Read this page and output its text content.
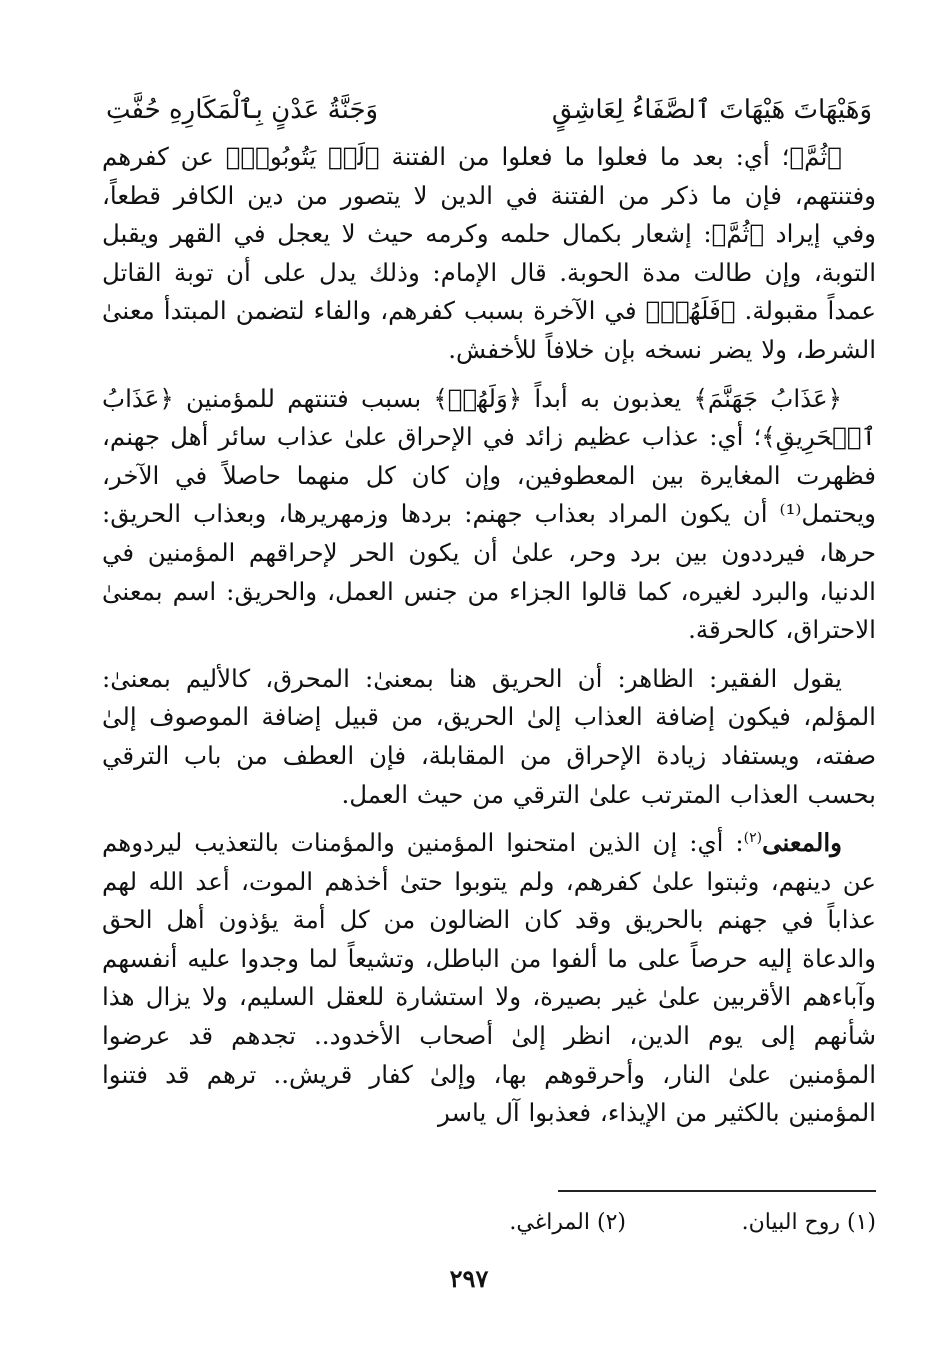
وَهَيْهَاتَ هَيْهَاتَ ٱلصَّفَاءُ لِعَاشِقٍ
وَجَنَّةُ عَدْنٍ بِٱلْمَكَارِهِ حُفَّتِ

﴿ثُمَّ﴾؛ أي: بعد ما فعلوا ما فعلوا من الفتنة ﴿لَمۡ يَتُوبُوا۟﴾ عن كفرهم وفتنتهم، فإن ما ذكر من الفتنة في الدين لا يتصور من دين الكافر قطعاً، وفي إيراد ﴿ثُمَّ﴾: إشعار بكمال حلمه وكرمه حيث لا يعجل في القهر ويقبل التوبة، وإن طالت مدة الحوبة. قال الإمام: وذلك يدل على أن توبة القاتل عمداً مقبولة. ﴿فَلَهُمۡ﴾ في الآخرة بسبب كفرهم، والفاء لتضمن المبتدأ معنىٰ الشرط، ولا يضر نسخه بإن خلافاً للأخفش.

﴿عَذَابُ جَهَنَّمَ﴾ يعذبون به أبداً ﴿وَلَهُمۡ﴾ بسبب فتنتهم للمؤمنين ﴿عَذَابُ ٱلۡحَرِيقِ﴾؛ أي: عذاب عظيم زائد في الإحراق علىٰ عذاب سائر أهل جهنم، فظهرت المغايرة بين المعطوفين، وإن كان كل منهما حاصلاً في الآخر، ويحتمل⁽¹⁾ أن يكون المراد بعذاب جهنم: بردها وزمهريرها، وبعذاب الحريق: حرها، فيرددون بين برد وحر، علىٰ أن يكون الحر لإحراقهم المؤمنين في الدنيا، والبرد لغيره، كما قالوا الجزاء من جنس العمل، والحريق: اسم بمعنىٰ الاحتراق، كالحرقة.

يقول الفقير: الظاهر: أن الحريق هنا بمعنىٰ: المحرق، كالأليم بمعنىٰ: المؤلم، فيكون إضافة العذاب إلىٰ الحريق، من قبيل إضافة الموصوف إلىٰ صفته، ويستفاد زيادة الإحراق من المقابلة، فإن العطف من باب الترقي بحسب العذاب المترتب علىٰ الترقي من حيث العمل.

والمعنى$^{(٢)}$: أي: إن الذين امتحنوا المؤمنين والمؤمنات بالتعذيب ليردوهم عن دينهم، وثبتوا علىٰ كفرهم، ولم يتوبوا حتىٰ أخذهم الموت، أعد الله لهم عذاباً في جهنم بالحريق وقد كان الضالون من كل أمة يؤذون أهل الحق والدعاة إليه حرصاً على ما ألفوا من الباطل، وتشيعاً لما وجدوا عليه أنفسهم وآباءهم الأقربين علىٰ غير بصيرة، ولا استشارة للعقل السليم، ولا يزال هذا شأنهم إلى يوم الدين، انظر إلىٰ أصحاب الأخدود.. تجدهم قد عرضوا المؤمنين علىٰ النار، وأحرقوهم بها، وإلىٰ كفار قريش.. ترهم قد فتنوا المؤمنين بالكثير من الإيذاء، فعذبوا آل ياسر

(١) روح البيان.
(٢) المراغي.
٢٩٧
